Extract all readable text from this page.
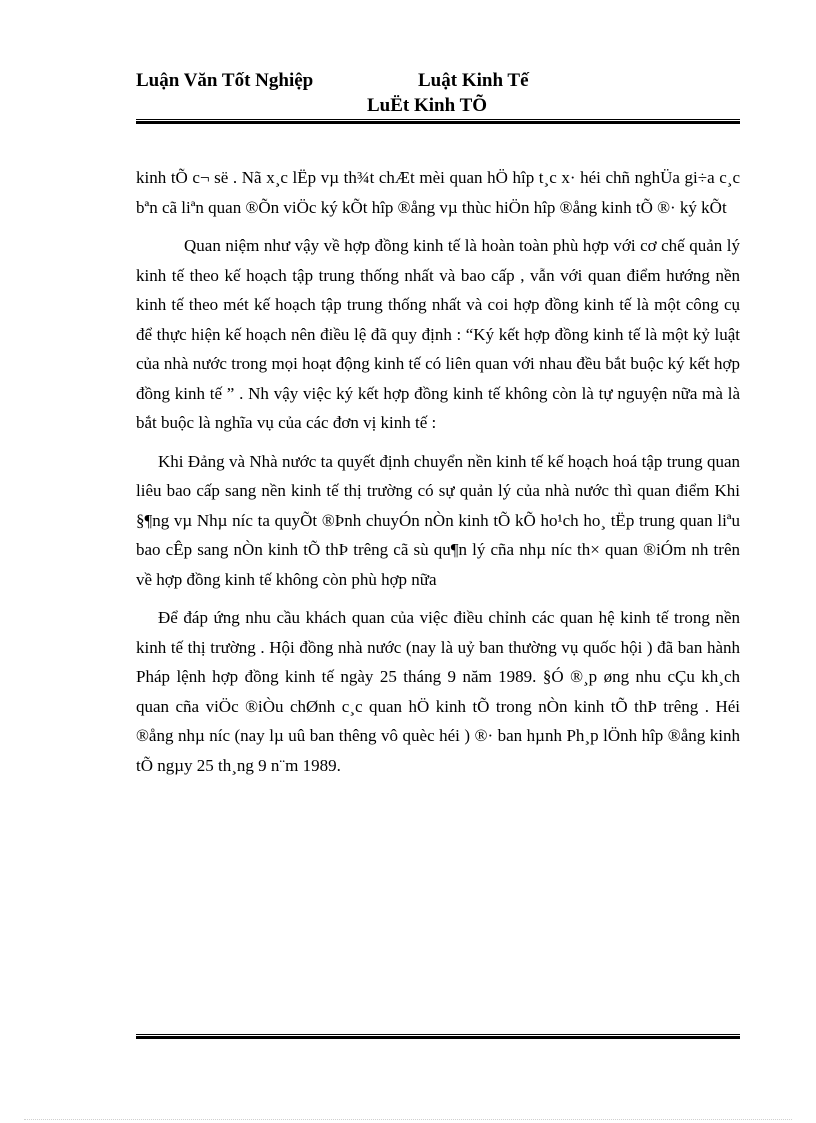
Luận Văn Tốt Nghiệp	Luật Kinh Tế
LuËt Kinh TÕ

kinh tÕ c¬ së . Nã x¸c lËp vµ th¾t chÆt mèi quan hÖ hîp t¸c x· héi chñ nghÜa gi÷a c¸c bªn cã liªn quan ®Õn viÖc ký kÕt hîp ®ång vµ thùc hiÖn hîp ®ång kinh tÕ ®· ký kÕt

Quan niệm như vậy về hợp đồng kinh tế là hoàn toàn phù hợp với cơ chế quản lý kinh tế theo kế hoạch tập trung thống nhất và bao cấp , vẫn với quan điểm hướng nền kinh tế theo mét kế hoạch tập trung thống nhất và coi hợp đồng kinh tế là một công cụ để thực hiện kế hoạch nên điều lệ đã quy định : “Ký kết hợp đồng kinh tế là một kỷ luật của nhà nước trong mọi hoạt động kinh tế có liên quan với nhau đều bắt buộc ký kết hợp đồng kinh tế ” . Nh vậy việc ký kết hợp đồng kinh tế không còn là tự nguyện nữa mà là bắt buộc là nghĩa vụ của các đơn vị kinh tế :

Khi Đảng và Nhà nước ta quyết định chuyển nền kinh tế kế hoạch hoá tập trung quan liêu bao cấp sang nền kinh tế thị trường có sự quản lý của nhà nước thì quan điểm Khi §¶ng vµ Nhµ níc ta quyÕt ®Þnh chuyÓn nÒn kinh tÕ kÕ ho¹ch ho¸ tËp trung quan liªu bao cÊp sang nÒn kinh tÕ thÞ trêng cã sù qu¶n lý cña nhµ níc th× quan ®iÓm nh trên về hợp đồng kinh tế không còn phù hợp nữa

Để đáp ứng nhu cầu khách quan của việc điều chỉnh các quan hệ kinh tế trong nền kinh tế thị trường . Hội đồng nhà nước (nay là uỷ ban thường vụ quốc hội ) đã ban hành Pháp lệnh hợp đồng kinh tế ngày 25 tháng 9 năm 1989. §Ó ®¸p øng nhu cÇu kh¸ch quan cña viÖc ®iÒu chØnh c¸c quan hÖ kinh tÕ trong nÒn kinh tÕ thÞ trêng . Héi ®ång nhµ níc (nay lµ uû ban thêng vô quèc héi ) ®· ban hµnh Ph¸p lÖnh hîp ®ång kinh tÕ ngµy 25 th¸ng 9 n¨m 1989.
